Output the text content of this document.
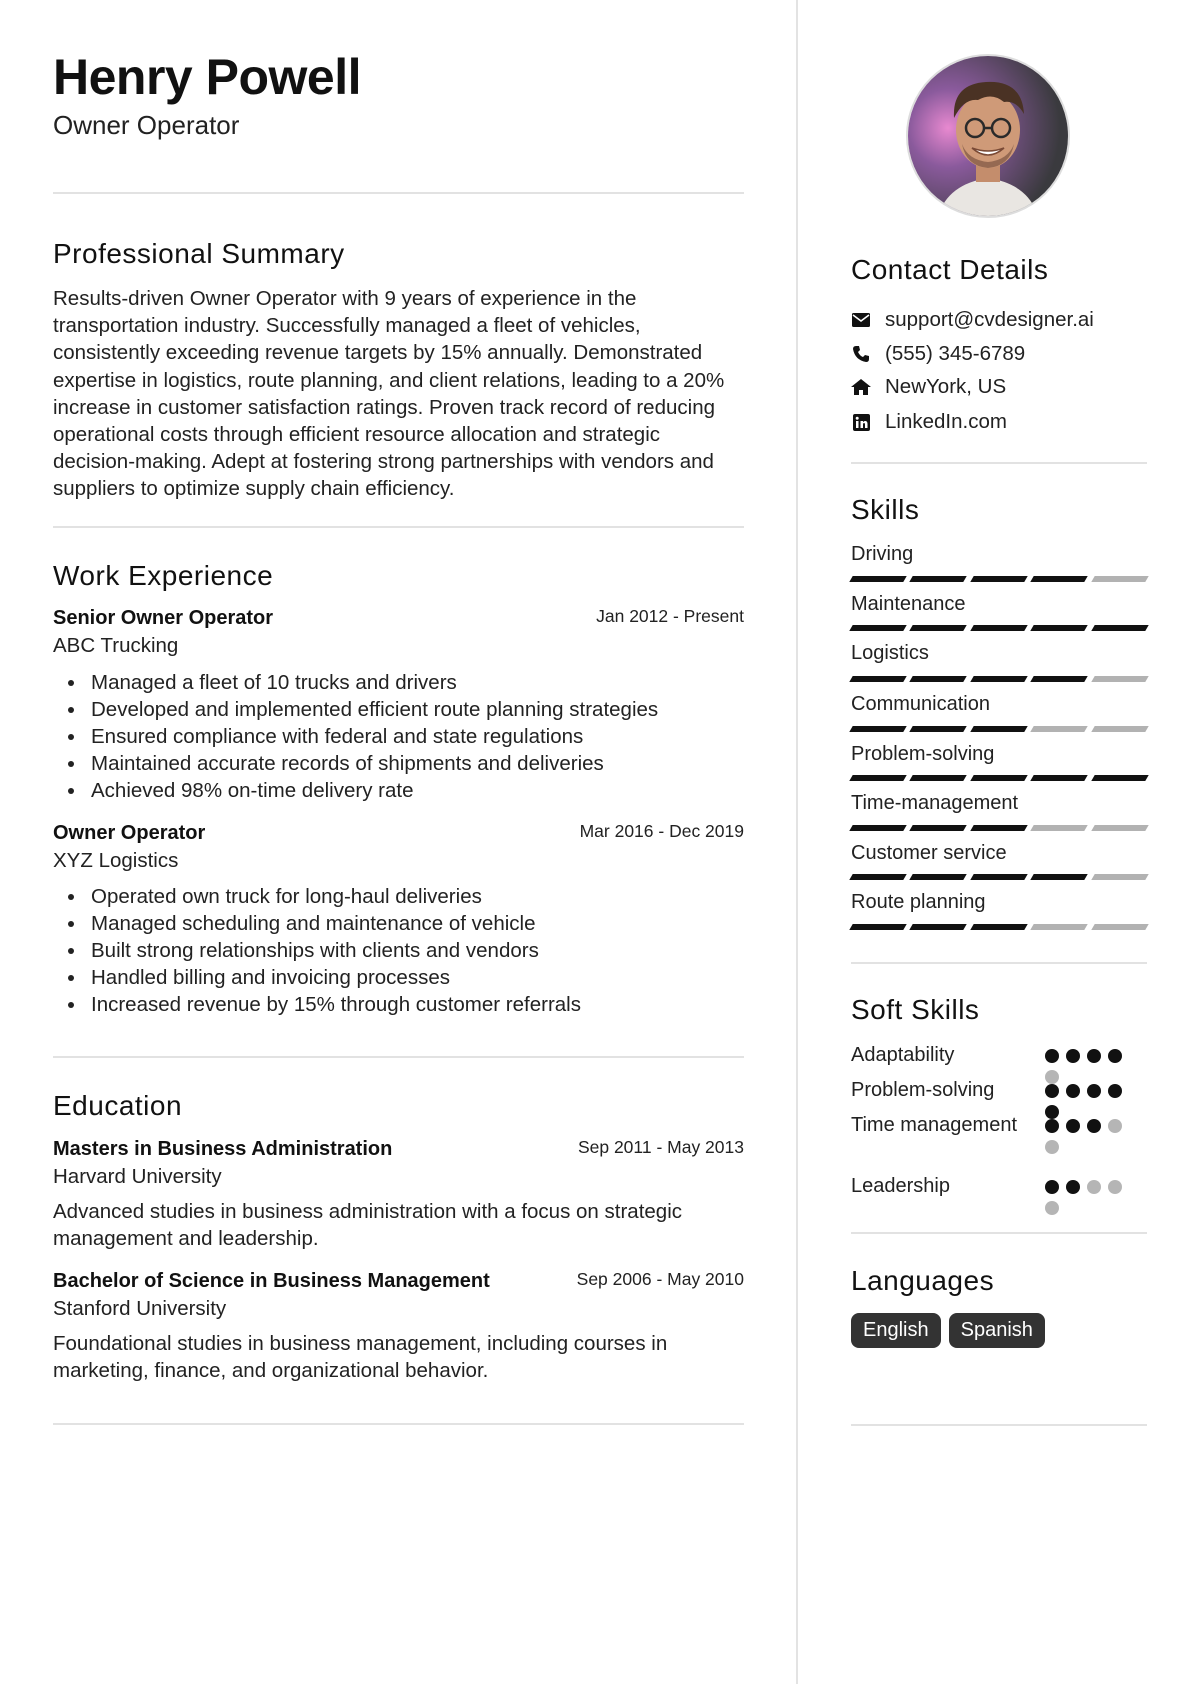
Henry Powell
Owner Operator
Professional Summary

Results-driven Owner Operator with 9 years of experience in the transportation industry. Successfully managed a fleet of vehicles, consistently exceeding revenue targets by 15% annually. Demonstrated expertise in logistics, route planning, and client relations, leading to a 20% increase in customer satisfaction ratings. Proven track record of reducing operational costs through efficient resource allocation and strategic decision-making. Adept at fostering strong partnerships with vendors and suppliers to optimize supply chain efficiency.

Work Experience
Senior Owner Operator	Jan 2012 - Present
ABC Trucking
Managed a fleet of 10 trucks and drivers
Developed and implemented efficient route planning strategies
Ensured compliance with federal and state regulations
Maintained accurate records of shipments and deliveries
Achieved 98% on-time delivery rate
Owner Operator	Mar 2016 - Dec 2019
XYZ Logistics
Operated own truck for long-haul deliveries
Managed scheduling and maintenance of vehicle
Built strong relationships with clients and vendors
Handled billing and invoicing processes
Increased revenue by 15% through customer referrals
Education
Masters in Business Administration	Sep 2011 - May 2013
Harvard University

Advanced studies in business administration with a focus on strategic management and leadership.

Bachelor of Science in Business Management	Sep 2006 - May 2010
Stanford University

Foundational studies in business management, including courses in marketing, finance, and organizational behavior.

Contact Details
support@cvdesigner.ai
(555) 345-6789
NewYork, US
LinkedIn.com
Skills
Driving
Maintenance
Logistics
Communication
Problem-solving
Time-management
Customer service
Route planning
Soft Skills
Adaptability
Problem-solving
Time management
Leadership
Languages
English	Spanish
